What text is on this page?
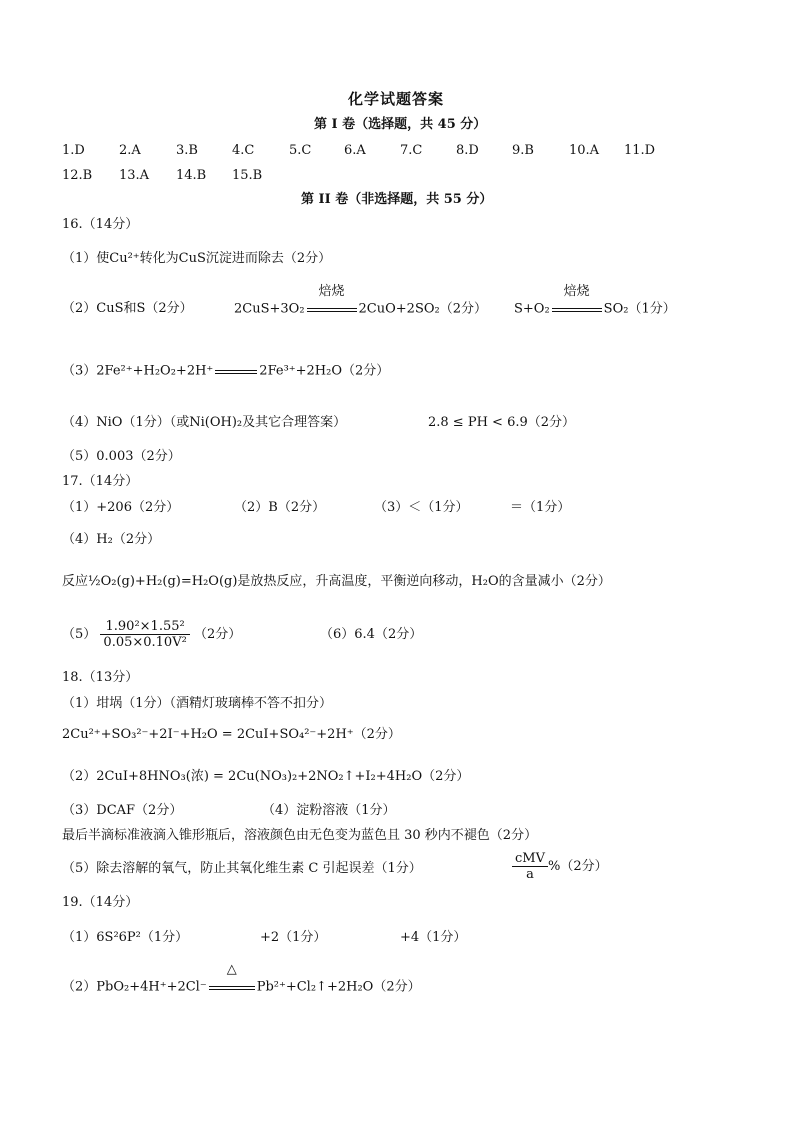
化学试题答案
第 I 卷（选择题，共 45 分）
1.D	2.A	3.B	4.C	5.C	6.A	7.C	8.D	9.B	10.A 11.D
12.B 13.A 14.B 15.B
第 II 卷（非选择题，共 55 分）
16.（14分）
（1）使Cu²⁺转化为CuS沉淀进而除去（2分）
（2）CuS和S（2分）	2CuS+3O₂
焙烧
2CuO+2SO₂（2分） S+O₂
焙烧
SO₂（1分）
（3）2Fe²⁺+H₂O₂+2H⁺	2Fe³⁺+2H₂O（2分）
（4）NiO（1分）（或Ni(OH)₂及其它合理答案）	2.8 ≤ PH < 6.9（2分）
（5）0.003（2分）
17.（14分）
（1）+206（2分）	（2）B（2分）	（3）＜（1分）	＝（1分）
（4）H₂（2分）
反应½O₂(g)+H₂(g)=H₂O(g)是放热反应，升高温度，平衡逆向移动，H₂O的含量减小（2分）
$(5) \frac{\text{1.90²×1.55²}}{\text{0.05×0.10V²}} (2$分）	（6）6.4（2分）
18.（13分）
（1）坩埚（1分）（酒精灯玻璃棒不答不扣分）
2Cu²⁺+SO₃²⁻+2I⁻+H₂O = 2CuI+SO₄²⁻+2H⁺（2分）
（2）2CuI+8HNO₃(浓) = 2Cu(NO₃)₂+2NO₂↑+I₂+4H₂O（2分）
（3）DCAF（2分）	（4）淀粉溶液（1分）
最后半滴标准液滴入锥形瓶后，溶液颜色由无色变为蓝色且 30 秒内不褪色（2分）
（5）除去溶解的氧气，防止其氧化维生素 C 引起误差（1分）	$\frac{\text{cMV}}{a} \%(2$分）
19.（14分）
（1）6S²6P²（1分）	+2（1分）	+4（1分）
（2）PbO₂+4H⁺+2Cl⁻
△
Pb²⁺+Cl₂↑+2H₂O（2分）
